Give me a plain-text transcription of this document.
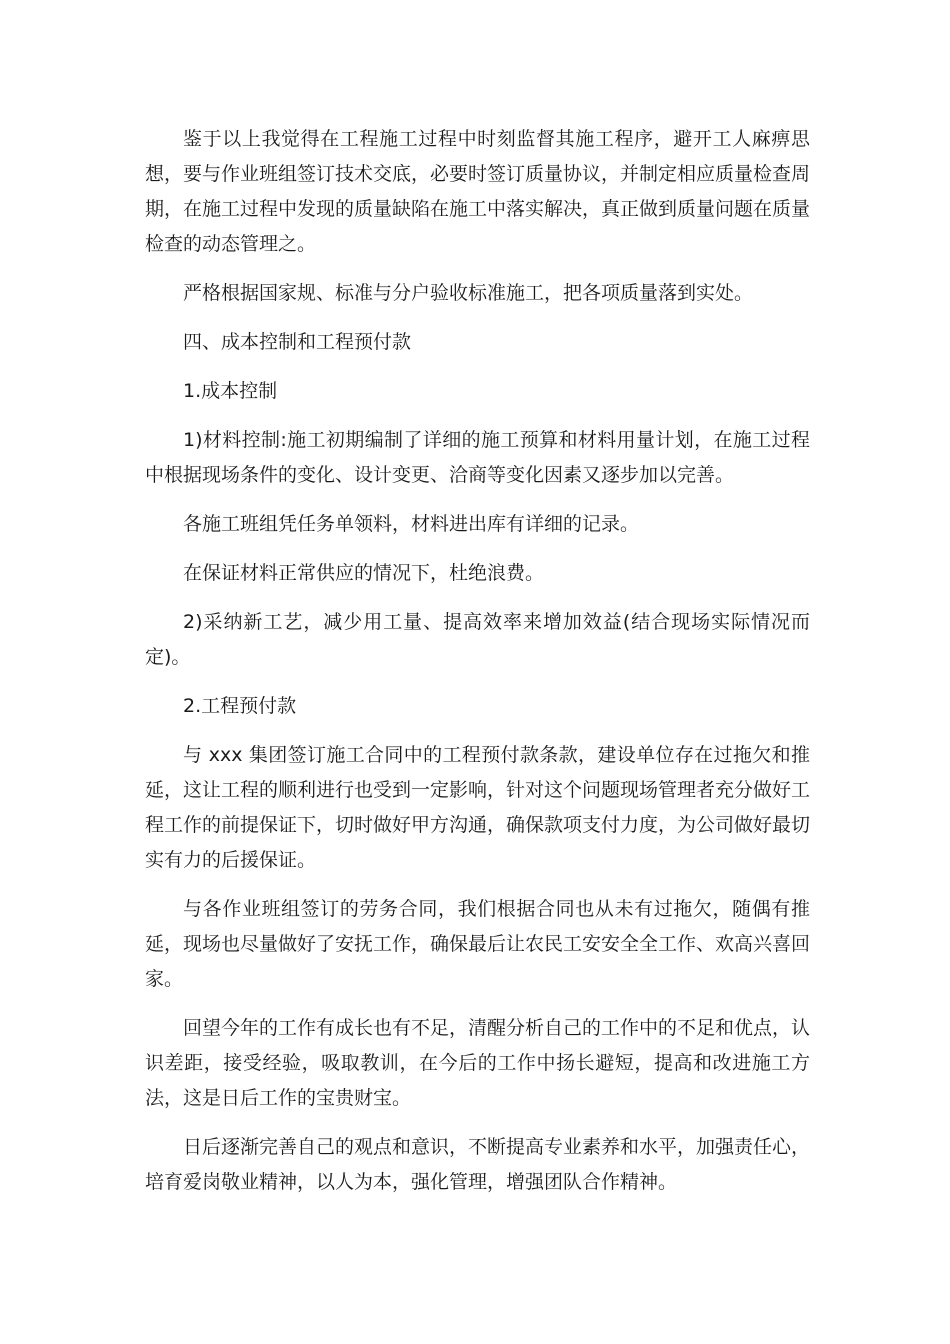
鉴于以上我觉得在工程施工过程中时刻监督其施工程序，避开工人麻痹思想，要与作业班组签订技术交底，必要时签订质量协议，并制定相应质量检查周期，在施工过程中发现的质量缺陷在施工中落实解决，真正做到质量问题在质量检查的动态管理之。

严格根据国家规、标准与分户验收标准施工，把各项质量落到实处。

四、成本控制和工程预付款

1.成本控制

1)材料控制:施工初期编制了详细的施工预算和材料用量计划，在施工过程中根据现场条件的变化、设计变更、洽商等变化因素又逐步加以完善。

各施工班组凭任务单领料，材料进出库有详细的记录。

在保证材料正常供应的情况下，杜绝浪费。

2)采纳新工艺，减少用工量、提高效率来增加效益(结合现场实际情况而定)。

2.工程预付款

与 xxx 集团签订施工合同中的工程预付款条款，建设单位存在过拖欠和推延，这让工程的顺利进行也受到一定影响，针对这个问题现场管理者充分做好工程工作的前提保证下，切时做好甲方沟通，确保款项支付力度，为公司做好最切实有力的后援保证。

与各作业班组签订的劳务合同，我们根据合同也从未有过拖欠，随偶有推延，现场也尽量做好了安抚工作，确保最后让农民工安安全全工作、欢高兴喜回家。

回望今年的工作有成长也有不足，清醒分析自己的工作中的不足和优点，认识差距，接受经验，吸取教训，在今后的工作中扬长避短，提高和改进施工方法，这是日后工作的宝贵财宝。

日后逐渐完善自己的观点和意识，不断提高专业素养和水平，加强责任心，培育爱岗敬业精神，以人为本，强化管理，增强团队合作精神。
